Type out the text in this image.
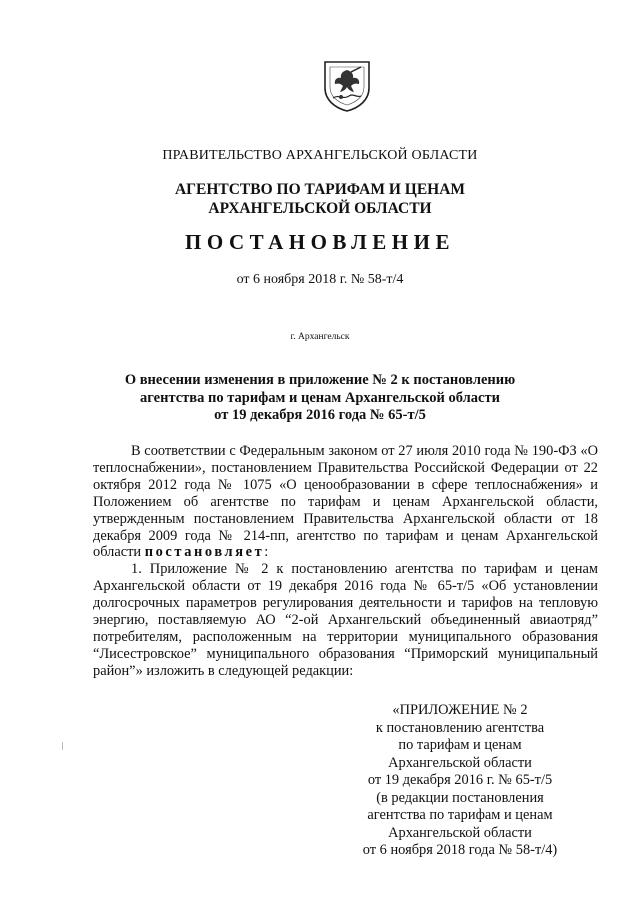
ПРАВИТЕЛЬСТВО АРХАНГЕЛЬСКОЙ ОБЛАСТИ
АГЕНТСТВО ПО ТАРИФАМ И ЦЕНАМ
АРХАНГЕЛЬСКОЙ ОБЛАСТИ
ПОСТАНОВЛЕНИЕ
от 6 ноября 2018 г. № 58-т/4
г. Архангельск
О внесении изменения в приложение № 2 к постановлению
агентства по тарифам и ценам Архангельской области
от 19 декабря 2016 года № 65-т/5

В соответствии с Федеральным законом от 27 июля 2010 года № 190-ФЗ «О теплоснабжении», постановлением Правительства Российской Федерации от 22 октября 2012 года № 1075 «О ценообразовании в сфере теплоснабжения» и Положением об агентстве по тарифам и ценам Архангельской области, утвержденным постановлением Правительства Архангельской области от 18 декабря 2009 года № 214-пп, агентство по тарифам и ценам Архангельской области постановляет:

1. Приложение № 2 к постановлению агентства по тарифам и ценам Архангельской области от 19 декабря 2016 года № 65-т/5 «Об установлении долгосрочных параметров регулирования деятельности и тарифов на тепловую энергию, поставляемую АО “2-ой Архангельский объединенный авиаотряд” потребителям, расположенным на территории муниципального образования “Лисестровское” муниципального образования “Приморский муниципальный район”» изложить в следующей редакции:

«ПРИЛОЖЕНИЕ № 2
к постановлению агентства
по тарифам и ценам
Архангельской области
от 19 декабря 2016 г. № 65-т/5
(в редакции постановления
агентства по тарифам и ценам
Архангельской области
от 6 ноября 2018 года № 58-т/4)
